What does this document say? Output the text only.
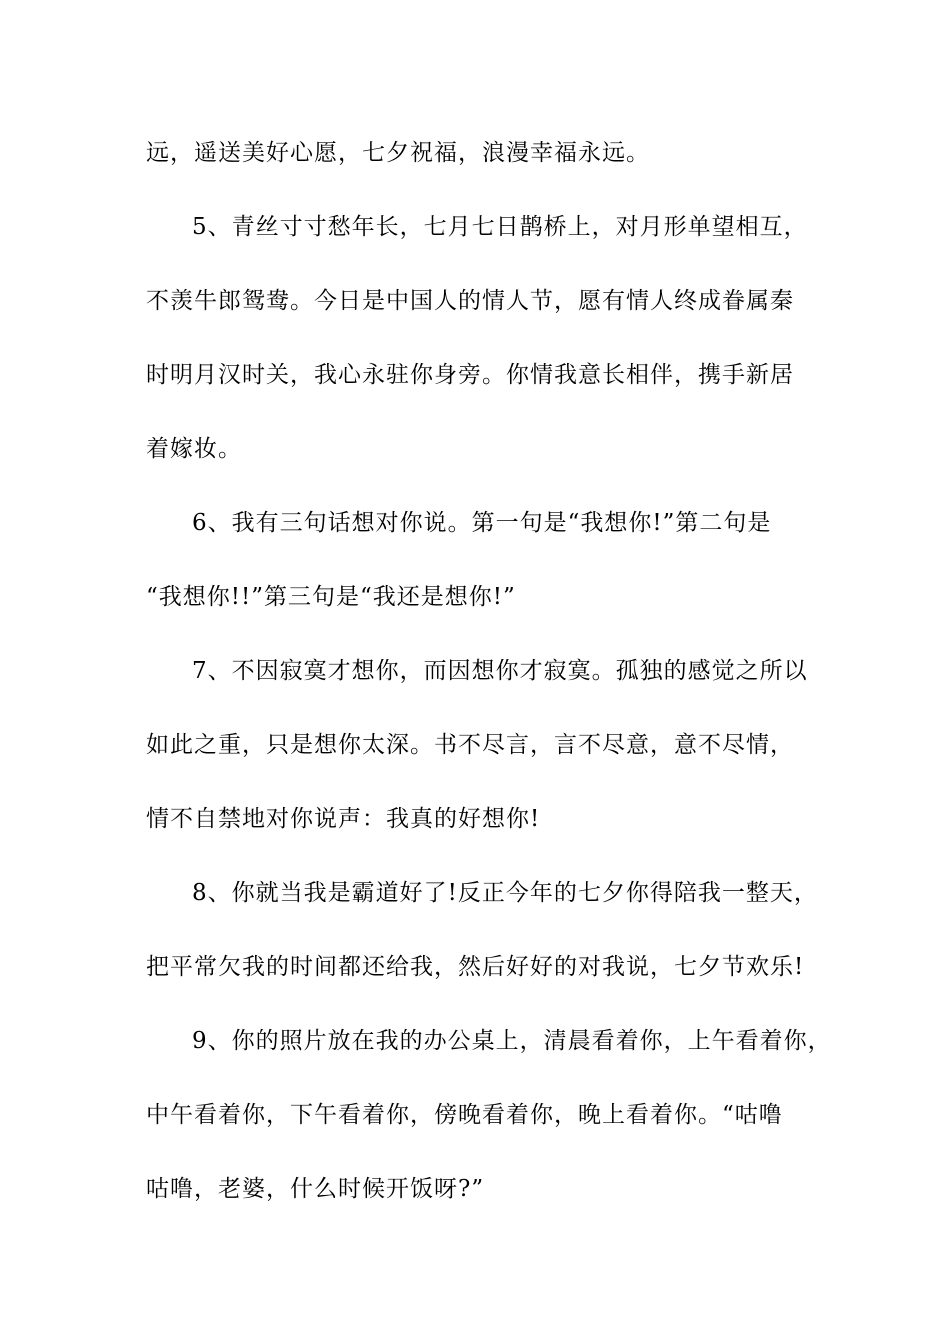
远，遥送美好心愿，七夕祝福，浪漫幸福永远。
5、青丝寸寸愁年长，七月七日鹊桥上，对月形单望相互，
不羡牛郎鸳鸯。今日是中国人的情人节，愿有情人终成眷属秦
时明月汉时关，我心永驻你身旁。你情我意长相伴，携手新居
着嫁妆。
6、我有三句话想对你说。第一句是“我想你!”第二句是
“我想你!!”第三句是“我还是想你!”
7、不因寂寞才想你，而因想你才寂寞。孤独的感觉之所以
如此之重，只是想你太深。书不尽言，言不尽意，意不尽情，
情不自禁地对你说声：我真的好想你!
8、你就当我是霸道好了!反正今年的七夕你得陪我一整天，
把平常欠我的时间都还给我，然后好好的对我说，七夕节欢乐!
9、你的照片放在我的办公桌上，清晨看着你，上午看着你，
中午看着你，下午看着你，傍晚看着你，晚上看着你。“咕噜
咕噜，老婆，什么时候开饭呀?”
